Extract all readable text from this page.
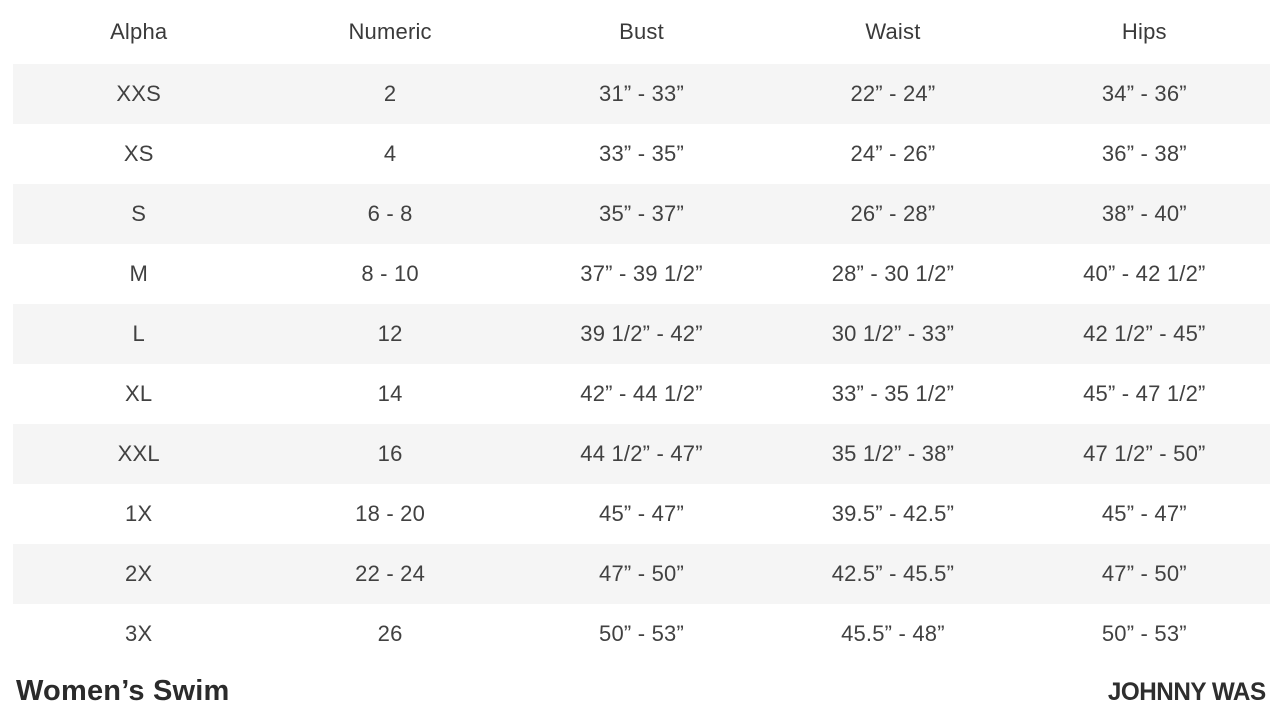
Alpha	Numeric	Bust	Waist	Hips
XXS	2	31” - 33”	22” - 24”	34” - 36”
XS	4	33” - 35”	24” - 26”	36” - 38”
S	6 - 8	35” - 37”	26” - 28”	38” - 40”
M	8 - 10	37” - 39 1/2”	28” - 30 1/2”	40” - 42 1/2”
L	12	39 1/2” - 42”	30 1/2” - 33”	42 1/2” - 45”
XL	14	42” - 44 1/2”	33” - 35 1/2”	45” - 47 1/2”
XXL	16	44 1/2” - 47”	35 1/2” - 38”	47 1/2” - 50”
1X	18 - 20	45” - 47”	39.5” - 42.5”	45” - 47”
2X	22 - 24	47” - 50”	42.5” - 45.5”	47” - 50”
3X	26	50” - 53”	45.5” - 48”	50” - 53”
Women’s Swim	JOHNNY WAS
